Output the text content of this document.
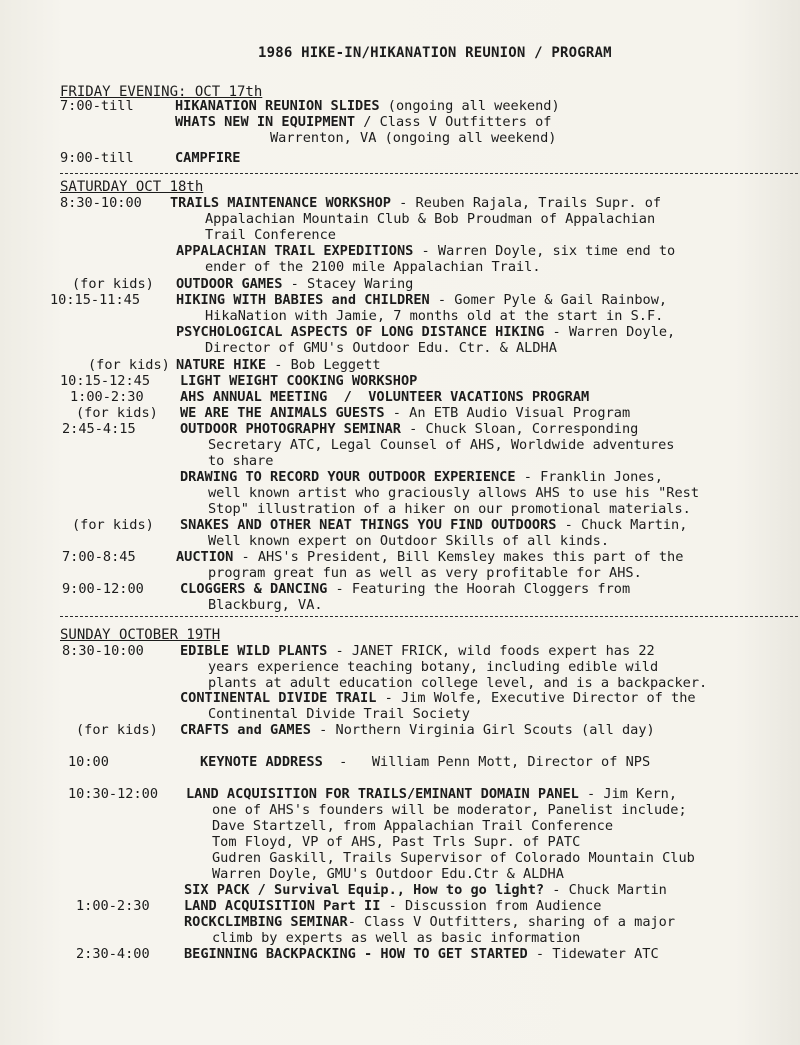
1986 HIKE-IN/HIKANATION REUNION / PROGRAM
FRIDAY EVENING: OCT 17th
7:00-till	HIKANATION REUNION SLIDES (ongoing all weekend)
WHATS NEW IN EQUIPMENT / Class V Outfitters of
Warrenton, VA (ongoing all weekend)
9:00-till	CAMPFIRE
SATURDAY OCT 18th
8:30-10:00 TRAILS MAINTENANCE WORKSHOP - Reuben Rajala, Trails Supr. of
Appalachian Mountain Club & Bob Proudman of Appalachian
Trail Conference
APPALACHIAN TRAIL EXPEDITIONS - Warren Doyle, six time end to
ender of the 2100 mile Appalachian Trail.
(for kids) OUTDOOR GAMES - Stacey Waring
10:15-11:45	HIKING WITH BABIES and CHILDREN - Gomer Pyle & Gail Rainbow,
HikaNation with Jamie, 7 months old at the start in S.F.
PSYCHOLOGICAL ASPECTS OF LONG DISTANCE HIKING - Warren Doyle,
Director of GMU's Outdoor Edu. Ctr. & ALDHA
(for kids) NATURE HIKE - Bob Leggett
10:15-12:45 LIGHT WEIGHT COOKING WORKSHOP
1:00-2:30	AHS ANNUAL MEETING  /  VOLUNTEER VACATIONS PROGRAM
(for kids) WE ARE THE ANIMALS GUESTS - An ETB Audio Visual Program
2:45-4:15	OUTDOOR PHOTOGRAPHY SEMINAR - Chuck Sloan, Corresponding
Secretary ATC, Legal Counsel of AHS, Worldwide adventures
to share
DRAWING TO RECORD YOUR OUTDOOR EXPERIENCE - Franklin Jones,
well known artist who graciously allows AHS to use his "Rest
Stop" illustration of a hiker on our promotional materials.
(for kids) SNAKES AND OTHER NEAT THINGS YOU FIND OUTDOORS - Chuck Martin,
Well known expert on Outdoor Skills of all kinds.
7:00-8:45	AUCTION - AHS's President, Bill Kemsley makes this part of the
program great fun as well as very profitable for AHS.
9:00-12:00	CLOGGERS & DANCING - Featuring the Hoorah Cloggers from
Blackburg, VA.
SUNDAY OCTOBER 19TH
8:30-10:00	EDIBLE WILD PLANTS - JANET FRICK, wild foods expert has 22
years experience teaching botany, including edible wild
plants at adult education college level, and is a backpacker.
CONTINENTAL DIVIDE TRAIL - Jim Wolfe, Executive Director of the
Continental Divide Trail Society
(for kids) CRAFTS and GAMES - Northern Virginia Girl Scouts (all day)
10:00	KEYNOTE ADDRESS  -   William Penn Mott, Director of NPS
10:30-12:00 LAND ACQUISITION FOR TRAILS/EMINANT DOMAIN PANEL - Jim Kern,
one of AHS's founders will be moderator, Panelist include;
Dave Startzell, from Appalachian Trail Conference
Tom Floyd, VP of AHS, Past Trls Supr. of PATC
Gudren Gaskill, Trails Supervisor of Colorado Mountain Club
Warren Doyle, GMU's Outdoor Edu.Ctr & ALDHA
SIX PACK / Survival Equip., How to go light? - Chuck Martin
1:00-2:30	LAND ACQUISITION Part II - Discussion from Audience
ROCKCLIMBING SEMINAR- Class V Outfitters, sharing of a major
climb by experts as well as basic information
2:30-4:00	BEGINNING BACKPACKING - HOW TO GET STARTED - Tidewater ATC
